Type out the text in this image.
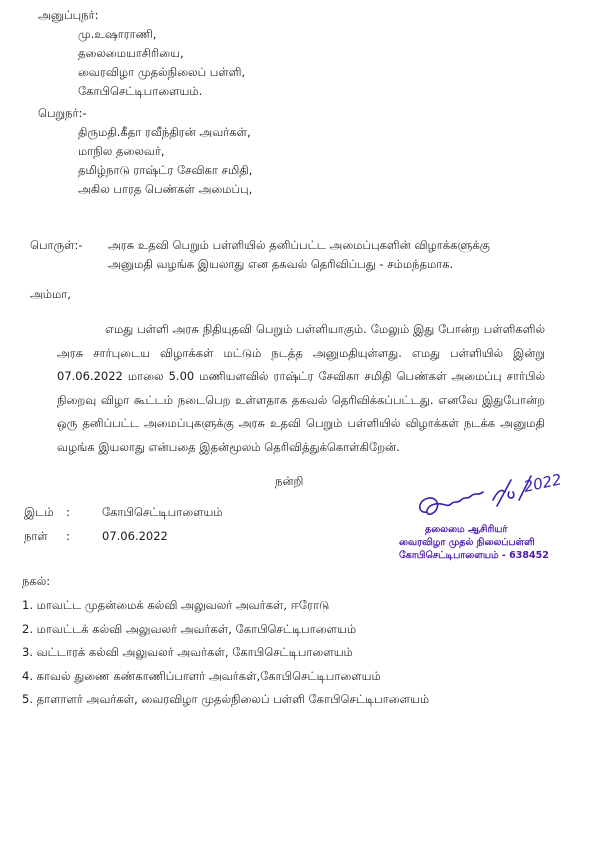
அனுப்புநர்:
மு.உஷாராணி,
தலைமையாசிரியை,
வைரவிழா முதல்நிலைப் பள்ளி,
கோபிசெட்டிபாளையம்.
பெறுநர்:-
திருமதி.கீதா ரவீந்திரன் அவர்கள்,
மாநில தலைவர்,
தமிழ்நாடு ராஷ்ட்ர சேவிகா சமிதி,
அகில பாரத பெண்கள் அமைப்பு,
பொருள்:- அரசு உதவி பெறும் பள்ளியில் தனிப்பட்ட அமைப்புகளின் விழாக்களுக்கு
அனுமதி வழங்க இயலாது என தகவல் தெரிவிப்பது - சம்மந்தமாக.
அம்மா,
எமது பள்ளி அரசு நிதியுதவி பெறும் பள்ளியாகும். மேலும் இது போன்ற பள்ளிகளில்
அரசு சார்புடைய விழாக்கள் மட்டும் நடத்த அனுமதியுள்ளது. எமது பள்ளியில் இன்று
07.06.2022 மாலை 5.00 மணியளவில் ராஷ்ட்ர சேவிகா சமிதி பெண்கள் அமைப்பு சார்பில்
நிறைவு விழா கூட்டம் நடைபெற உள்ளதாக தகவல் தெரிவிக்கப்பட்டது. எனவே இதுபோன்ற
ஒரு தனிப்பட்ட அமைப்புகளுக்கு அரசு உதவி பெறும் பள்ளியில் விழாக்கள் நடக்க அனுமதி
வழங்க இயலாது என்பதை இதன்மூலம் தெரிவித்துக்கொள்கிறேன்.
நன்றி
இடம் :	கோபிசெட்டிபாளையம்
நாள் :	07.06.2022
2022
தலைமை ஆசிரியர்
வைரவிழா முதல் நிலைப்பள்ளி
கோபிசெட்டிபாளையம் - 638452
நகல்:
1. மாவட்ட முதன்மைக் கல்வி அலுவலர் அவர்கள், ஈரோடு
2. மாவட்டக் கல்வி அலுவலர் அவர்கள், கோபிசெட்டிபாளையம்
3. வட்டாரக் கல்வி அலுவலர் அவர்கள், கோபிசெட்டிபாளையம்
4. காவல் துணை கண்காணிப்பாளர் அவர்கள்,கோபிசெட்டிபாளையம்
5. தாளாளர் அவர்கள், வைரவிழா முதல்நிலைப் பள்ளி கோபிசெட்டிபாளையம்
